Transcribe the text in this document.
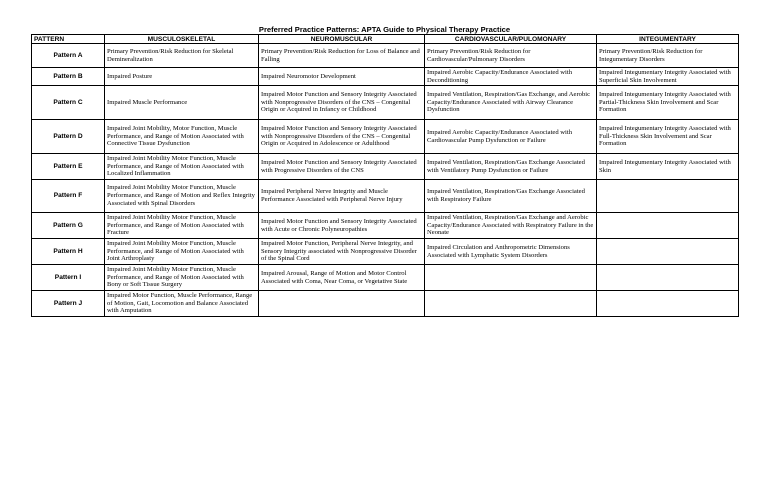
Preferred Practice Patterns: APTA Guide to Physical Therapy Practice
PATTERN	MUSCULOSKELETAL	NEUROMUSCULAR	CARDIOVASCULAR/PULOMONARY	INTEGUMENTARY
Pattern A	Primary Prevention/Risk Reduction for Skeletal Demineralization	Primary Prevention/Risk Reduction for Loss of Balance and Falling	Primary Prevention/Risk Reduction for Cardiovascular/Pulmonary Disorders	Primary Prevention/Risk Reduction for Integumentary Disorders
Pattern B	Impaired Posture	Impaired Neuromotor Development	Impaired Aerobic Capacity/Endurance Associated with Deconditioning	Impaired Integumentary Integrity Associated with Superficial Skin Involvement
Pattern C	Impaired Muscle Performance	Impaired Motor Function and Sensory Integrity Associated with Nonprogressive Disorders of the CNS – Congenital Origin or Acquired in Infancy or Childhood	Impaired Ventilation, Respiration/Gas Exchange, and Aerobic Capacity/Endurance Associated with Airway Clearance Dysfunction	Impaired Integumentary Integrity Associated with Partial-Thickness Skin Involvement and Scar Formation
Pattern D	Impaired Joint Mobility, Motor Function, Muscle Performance, and Range of Motion Associated with Connective Tissue Dysfunction	Impaired Motor Function and Sensory Integrity Associated with Nonprogressive Disorders of the CNS – Congenital Origin or Acquired in Adolescence or Adulthood	Impaired Aerobic Capacity/Endurance Associated with Cardiovascular Pump Dysfunction or Failure	Impaired Integumentary Integrity Associated with Full-Thickness Skin Involvement and Scar Formation
Pattern E	Impaired Joint Mobility Motor Function, Muscle Performance, and Range of Motion Associated with Localized Inflammation	Impaired Motor Function and Sensory Integrity Associated with Progressive Disorders of the CNS	Impaired Ventilation, Respiration/Gas Exchange Associated with Ventilatory Pump Dysfunction or Failure	Impaired Integumentary Integrity Associated with Skin
Pattern F	Impaired Joint Mobility Motor Function, Muscle Performance, and Range of Motion and Reflex Integrity Associated with Spinal Disorders	Impaired Peripheral Nerve Integrity and Muscle Performance Associated with Peripheral Nerve Injury	Impaired Ventilation, Respiration/Gas Exchange Associated with Respiratory Failure	
Pattern G	Impaired Joint Mobility Motor Function, Muscle Performance, and Range of Motion Associated with Fracture	Impaired Motor Function and Sensory Integrity Associated with Acute or Chronic Polyneuropathies	Impaired Ventilation, Respiration/Gas Exchange and Aerobic Capacity/Endurance Associated with Respiratory Failure in the Neonate	
Pattern H	Impaired Joint Mobility Motor Function, Muscle Performance, and Range of Motion Associated with Joint Arthroplasty	Impaired Motor Function, Peripheral Nerve Integrity, and Sensory Integrity associated with Nonprogressive Disorder of the Spinal Cord	Impaired Circulation and Anthropometric Dimensions Associated with Lymphatic System Disorders	
Pattern I	Impaired Joint Mobility Motor Function, Muscle Performance, and Range of Motion Associated with Bony or Soft Tissue Surgery	Impaired Arousal, Range of Motion and Motor Control Associated with Coma, Near Coma, or Vegetative State		
Pattern J	Impaired Motor Function, Muscle Performance, Range of Motion, Gait, Locomotion and Balance Associated with Amputation			
